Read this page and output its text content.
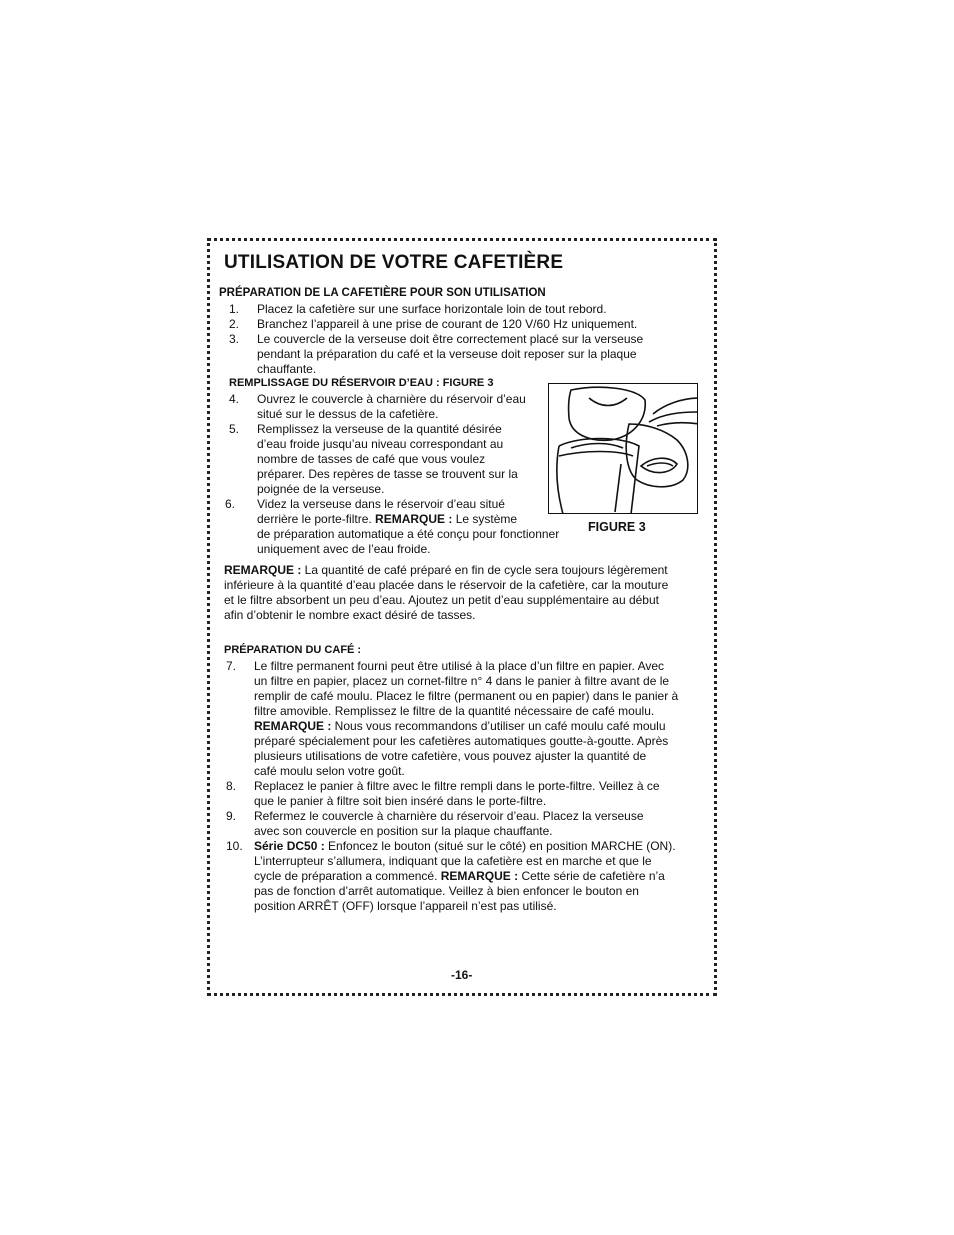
UTILISATION DE VOTRE CAFETIÈRE
PRÉPARATION DE LA CAFETIÈRE POUR SON UTILISATION
1. Placez la cafetière sur une surface horizontale loin de tout rebord.

2. Branchez l’appareil à une prise de courant de 120 V/60 Hz uniquement.

3. Le couvercle de la verseuse doit être correctement placé sur la verseuse

pendant la préparation du café et la verseuse doit reposer sur la plaque

chauffante.

REMPLISSAGE DU RÉSERVOIR D’EAU : FIGURE 3
4. Ouvrez le couvercle à charnière du réservoir d’eau

situé sur le dessus de la cafetière.

5. Remplissez la verseuse de la quantité désirée

d’eau froide jusqu’au niveau correspondant au

nombre de tasses de café que vous voulez

préparer. Des repères de tasse se trouvent sur la

poignée de la verseuse.

6. Videz la verseuse dans le réservoir d’eau situé

derrière le porte-filtre. REMARQUE : Le système

de préparation automatique a été conçu pour fonctionner

uniquement avec de l’eau froide.

FIGURE 3

REMARQUE : La quantité de café préparé en fin de cycle sera toujours légèrement

inférieure à la quantité d’eau placée dans le réservoir de la cafetière, car la mouture

et le filtre absorbent un peu d’eau. Ajoutez un petit d’eau supplémentaire au début

afin d’obtenir le nombre exact désiré de tasses.

PRÉPARATION DU CAFÉ :
7. Le filtre permanent fourni peut être utilisé à la place d’un filtre en papier. Avec

un filtre en papier, placez un cornet-filtre n° 4 dans le panier à filtre avant de le

remplir de café moulu. Placez le filtre (permanent ou en papier) dans le panier à

filtre amovible. Remplissez le filtre de la quantité nécessaire de café moulu.

REMARQUE : Nous vous recommandons d’utiliser un café moulu café moulu

préparé spécialement pour les cafetières automatiques goutte-à-goutte. Après

plusieurs utilisations de votre cafetière, vous pouvez ajuster la quantité de

café moulu selon votre goût.

8. Replacez le panier à filtre avec le filtre rempli dans le porte-filtre. Veillez à ce

que le panier à filtre soit bien inséré dans le porte-filtre.

9. Refermez le couvercle à charnière du réservoir d’eau. Placez la verseuse

avec son couvercle en position sur la plaque chauffante.

10. Série DC50 : Enfoncez le bouton (situé sur le côté) en position MARCHE (ON).

L’interrupteur s’allumera, indiquant que la cafetière est en marche et que le

cycle de préparation a commencé. REMARQUE : Cette série de cafetière n’a

pas de fonction d’arrêt automatique. Veillez à bien enfoncer le bouton en

position ARRÊT (OFF) lorsque l’appareil n’est pas utilisé.

-16-
